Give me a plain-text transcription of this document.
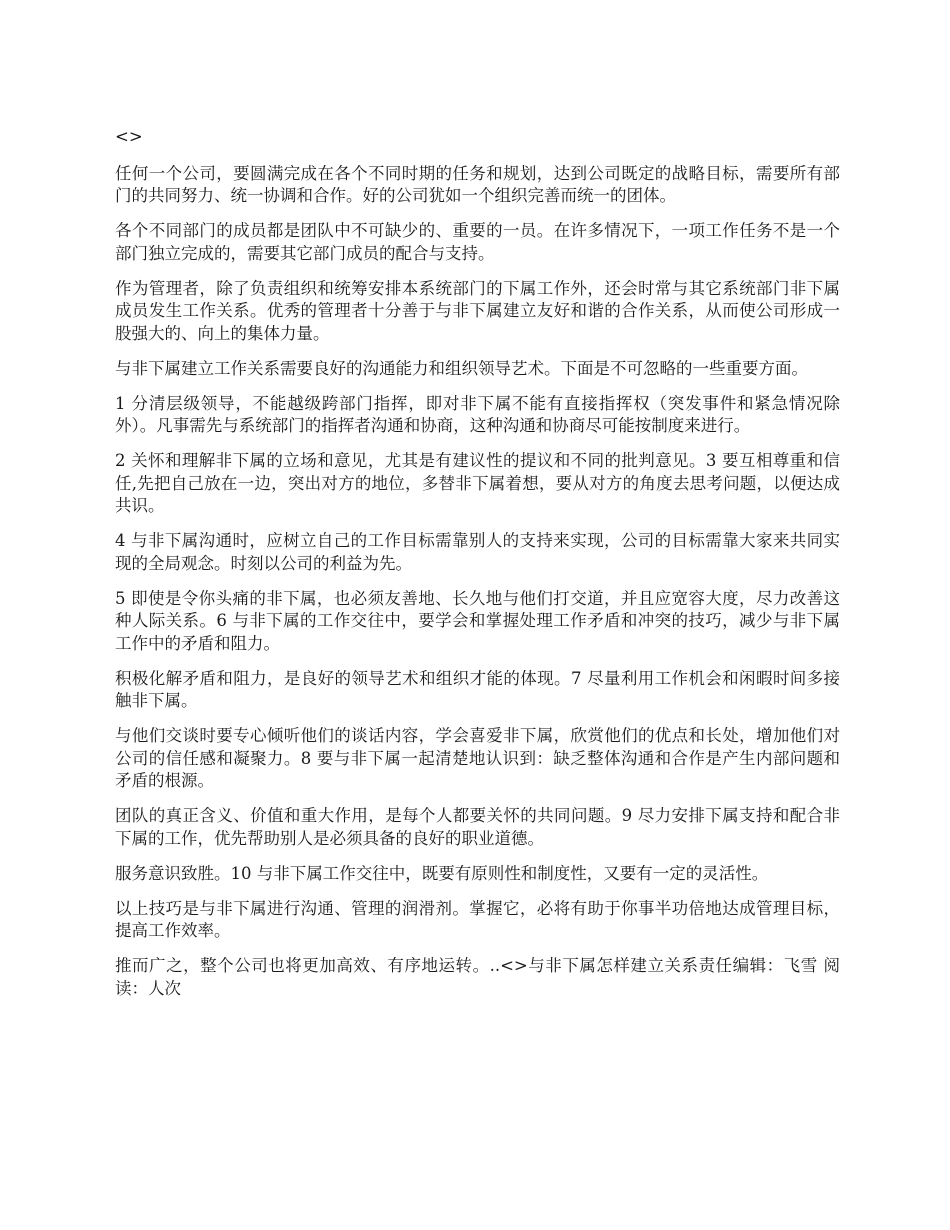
<>

任何一个公司，要圆满完成在各个不同时期的任务和规划，达到公司既定的战略目标，需要所有部门的共同努力、统一协调和合作。好的公司犹如一个组织完善而统一的团体。

各个不同部门的成员都是团队中不可缺少的、重要的一员。在许多情况下，一项工作任务不是一个部门独立完成的，需要其它部门成员的配合与支持。

作为管理者，除了负责组织和统筹安排本系统部门的下属工作外，还会时常与其它系统部门非下属成员发生工作关系。优秀的管理者十分善于与非下属建立友好和谐的合作关系，从而使公司形成一股强大的、向上的集体力量。

与非下属建立工作关系需要良好的沟通能力和组织领导艺术。下面是不可忽略的一些重要方面。

1 分清层级领导，不能越级跨部门指挥，即对非下属不能有直接指挥权（突发事件和紧急情况除外）。凡事需先与系统部门的指挥者沟通和协商，这种沟通和协商尽可能按制度来进行。

2 关怀和理解非下属的立场和意见，尤其是有建议性的提议和不同的批判意见。3 要互相尊重和信任,先把自己放在一边，突出对方的地位，多替非下属着想，要从对方的角度去思考问题，以便达成共识。

4 与非下属沟通时，应树立自己的工作目标需靠别人的支持来实现，公司的目标需靠大家来共同实现的全局观念。时刻以公司的利益为先。

5 即使是令你头痛的非下属，也必须友善地、长久地与他们打交道，并且应宽容大度，尽力改善这种人际关系。6 与非下属的工作交往中，要学会和掌握处理工作矛盾和冲突的技巧，减少与非下属工作中的矛盾和阻力。

积极化解矛盾和阻力，是良好的领导艺术和组织才能的体现。7 尽量利用工作机会和闲暇时间多接触非下属。

与他们交谈时要专心倾听他们的谈话内容，学会喜爱非下属，欣赏他们的优点和长处，增加他们对公司的信任感和凝聚力。8 要与非下属一起清楚地认识到：缺乏整体沟通和合作是产生内部问题和矛盾的根源。

团队的真正含义、价值和重大作用，是每个人都要关怀的共同问题。9 尽力安排下属支持和配合非下属的工作，优先帮助别人是必须具备的良好的职业道德。

服务意识致胜。10 与非下属工作交往中，既要有原则性和制度性，又要有一定的灵活性。

以上技巧是与非下属进行沟通、管理的润滑剂。掌握它，必将有助于你事半功倍地达成管理目标，提高工作效率。

推而广之，整个公司也将更加高效、有序地运转。..<>与非下属怎样建立关系责任编辑：飞雪 阅读：人次
